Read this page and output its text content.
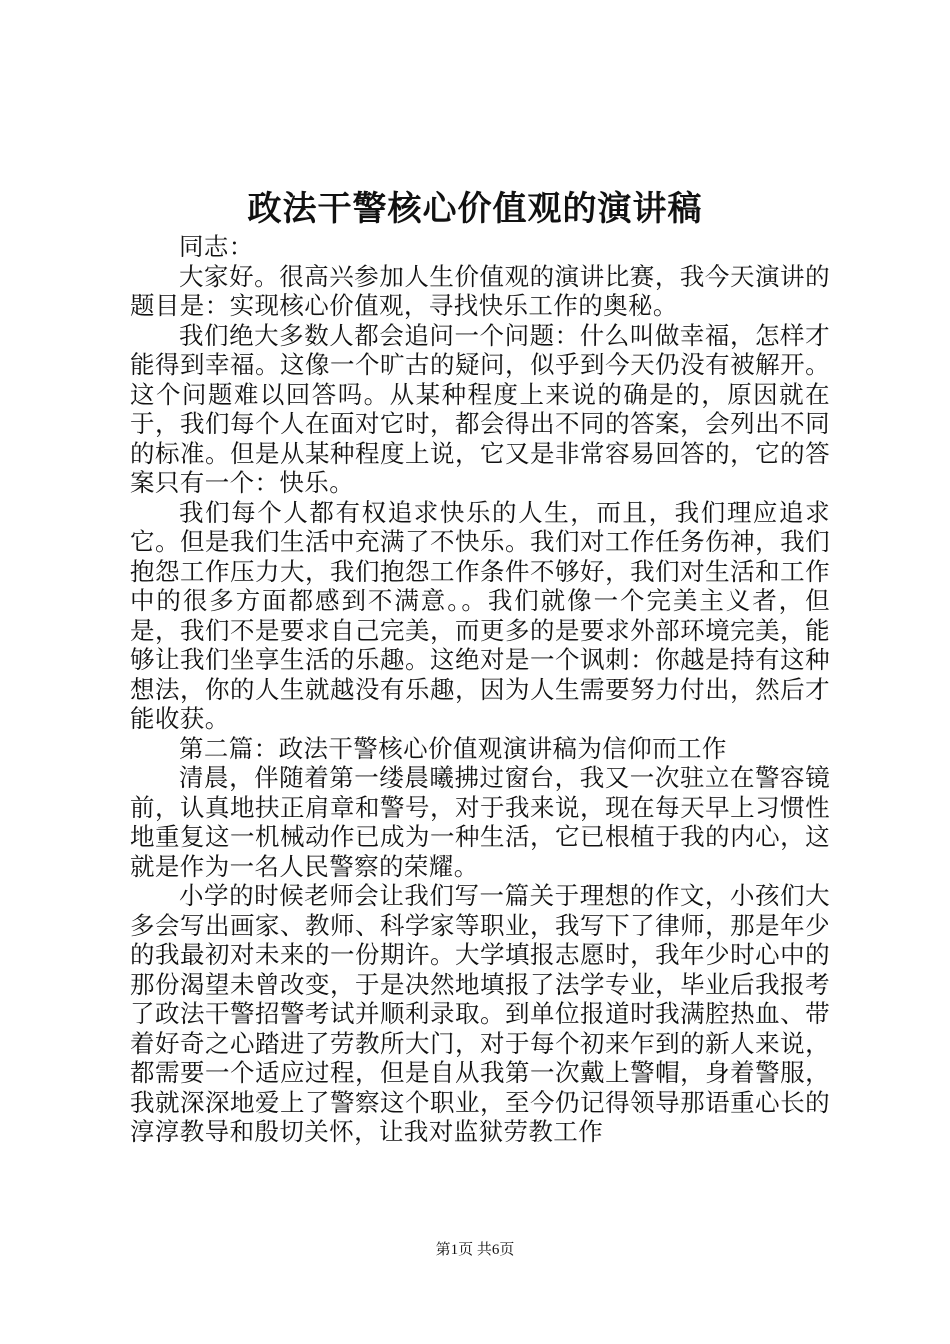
政法干警核心价值观的演讲稿

同志：

大家好。很高兴参加人生价值观的演讲比赛，我今天演讲的题目是：实现核心价值观，寻找快乐工作的奥秘。

我们绝大多数人都会追问一个问题：什么叫做幸福，怎样才能得到幸福。这像一个旷古的疑问，似乎到今天仍没有被解开。这个问题难以回答吗。从某种程度上来说的确是的，原因就在于，我们每个人在面对它时，都会得出不同的答案，会列出不同的标准。但是从某种程度上说，它又是非常容易回答的，它的答案只有一个：快乐。

我们每个人都有权追求快乐的人生，而且，我们理应追求它。但是我们生活中充满了不快乐。我们对工作任务伤神，我们抱怨工作压力大，我们抱怨工作条件不够好，我们对生活和工作中的很多方面都感到不满意。。我们就像一个完美主义者，但是，我们不是要求自己完美，而更多的是要求外部环境完美，能够让我们坐享生活的乐趣。这绝对是一个讽刺：你越是持有这种想法，你的人生就越没有乐趣，因为人生需要努力付出，然后才能收获。

第二篇：政法干警核心价值观演讲稿为信仰而工作

清晨，伴随着第一缕晨曦拂过窗台，我又一次驻立在警容镜前，认真地扶正肩章和警号，对于我来说，现在每天早上习惯性地重复这一机械动作已成为一种生活，它已根植于我的内心，这就是作为一名人民警察的荣耀。

小学的时候老师会让我们写一篇关于理想的作文，小孩们大多会写出画家、教师、科学家等职业，我写下了律师，那是年少的我最初对未来的一份期许。大学填报志愿时，我年少时心中的那份渴望未曾改变，于是决然地填报了法学专业，毕业后我报考了政法干警招警考试并顺利录取。到单位报道时我满腔热血、带着好奇之心踏进了劳教所大门，对于每个初来乍到的新人来说，都需要一个适应过程，但是自从我第一次戴上警帽，身着警服，我就深深地爱上了警察这个职业，至今仍记得领导那语重心长的淳淳教导和殷切关怀，让我对监狱劳教工作

第1页 共6页
